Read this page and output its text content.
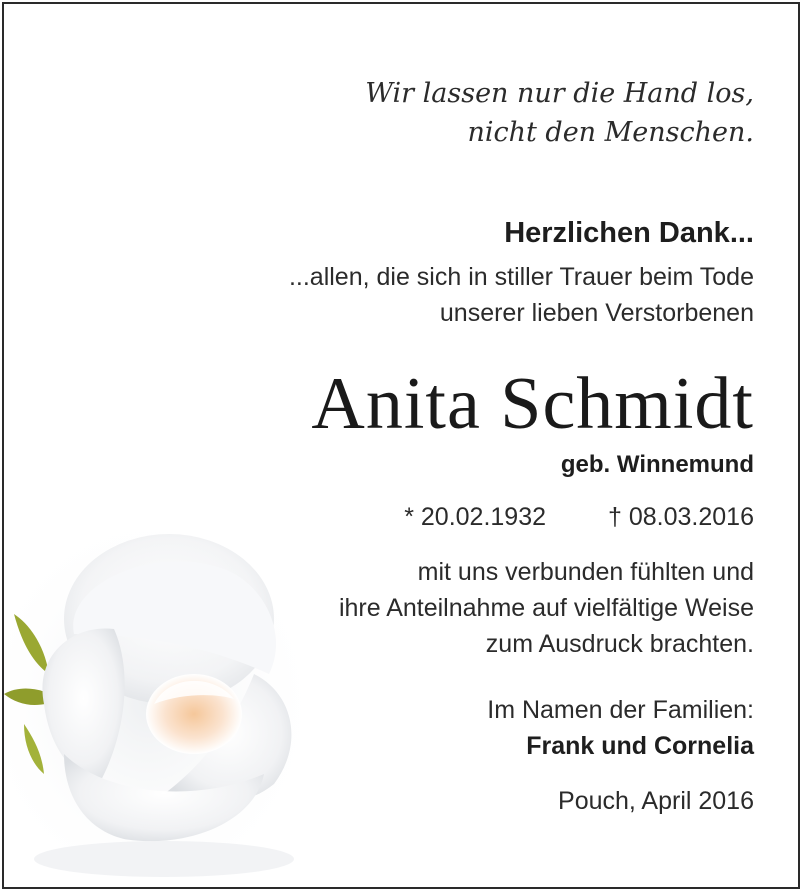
Wir lassen nur die Hand los,
nicht den Menschen.
Herzlichen Dank...
...allen, die sich in stiller Trauer beim Tode
unserer lieben Verstorbenen
Anita Schmidt
geb. Winnemund
* 20.02.1932 † 08.03.2016
mit uns verbunden fühlten und
ihre Anteilnahme auf vielfältige Weise
zum Ausdruck brachten.
Im Namen der Familien:
Frank und Cornelia
Pouch, April 2016
